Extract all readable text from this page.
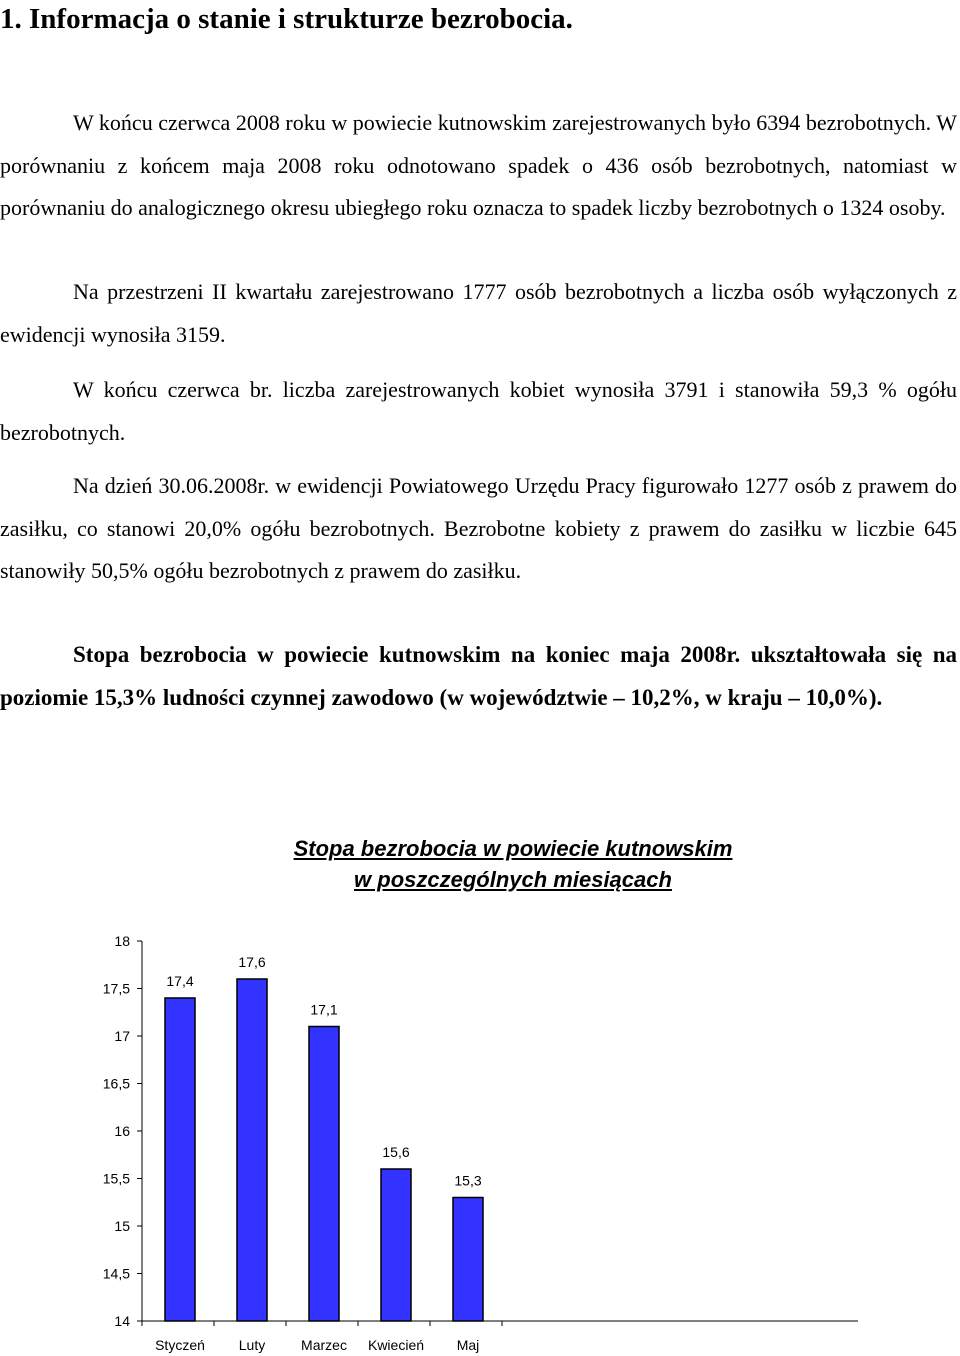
1. Informacja o stanie i strukturze bezrobocia.

W końcu czerwca 2008 roku w powiecie kutnowskim zarejestrowanych było 6394 bezrobotnych. W porównaniu z końcem maja 2008 roku odnotowano spadek o 436 osób bezrobotnych, natomiast w porównaniu do analogicznego okresu ubiegłego roku oznacza to spadek liczby bezrobotnych o 1324 osoby.

Na przestrzeni II kwartału zarejestrowano 1777 osób bezrobotnych a liczba osób wyłączonych z ewidencji wynosiła 3159.

W końcu czerwca br. liczba zarejestrowanych kobiet wynosiła 3791 i stanowiła 59,3 % ogółu bezrobotnych.

Na dzień 30.06.2008r. w ewidencji Powiatowego Urzędu Pracy figurowało 1277 osób z prawem do zasiłku, co stanowi 20,0% ogółu bezrobotnych. Bezrobotne kobiety z prawem do zasiłku w liczbie 645 stanowiły 50,5% ogółu bezrobotnych z prawem do zasiłku.

Stopa bezrobocia w powiecie kutnowskim na koniec maja 2008r. ukształtowała się na poziomie 15,3% ludności czynnej zawodowo (w województwie – 10,2%, w kraju – 10,0%).

Stopa bezrobocia w powiecie kutnowskim
w poszczególnych miesiącach
14
14,5
15
15,5
16
16,5
17
17,5
18
17,4
Styczeń
17,6
Luty
17,1
Marzec
15,6
Kwiecień
15,3
Maj
